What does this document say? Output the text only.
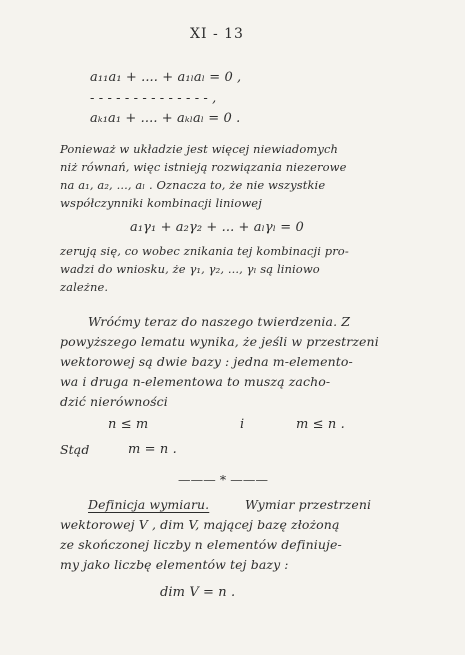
XI - 13
a₁₁a₁ + .... + a₁ₗaₗ = 0 ,
- - - - - - - - - - - - - - ,
aₖ₁a₁ + .... + aₖₗaₗ = 0 .
Ponieważ w układzie jest więcej niewiadomych
niż równań, więc istnieją rozwiązania niezerowe
na a₁, a₂, ..., aₗ . Oznacza to, że nie wszystkie
współczynniki kombinacji liniowej
a₁γ₁ + a₂γ₂ + ... + aₗγₗ = 0
zerują się, co wobec znikania tej kombinacji pro-
wadzi do wniosku, że γ₁, γ₂, ..., γₗ są liniowo
zależne.
Wróćmy teraz do naszego twierdzenia. Z
powyższego lematu wynika, że jeśli w przestrzeni
wektorowej są dwie bazy : jedna m-elemento-
wa i druga n-elementowa to muszą zacho-
dzić nierówności
n ≤ m	i	m ≤ n .
Stąd	m = n .
——— * ———
Definicja wymiaru.	Wymiar przestrzeni
wektorowej V , dim V, mającej bazę złożoną
ze skończonej liczby n elementów definiuje-
my jako liczbę elementów tej bazy :
dim V = n .
